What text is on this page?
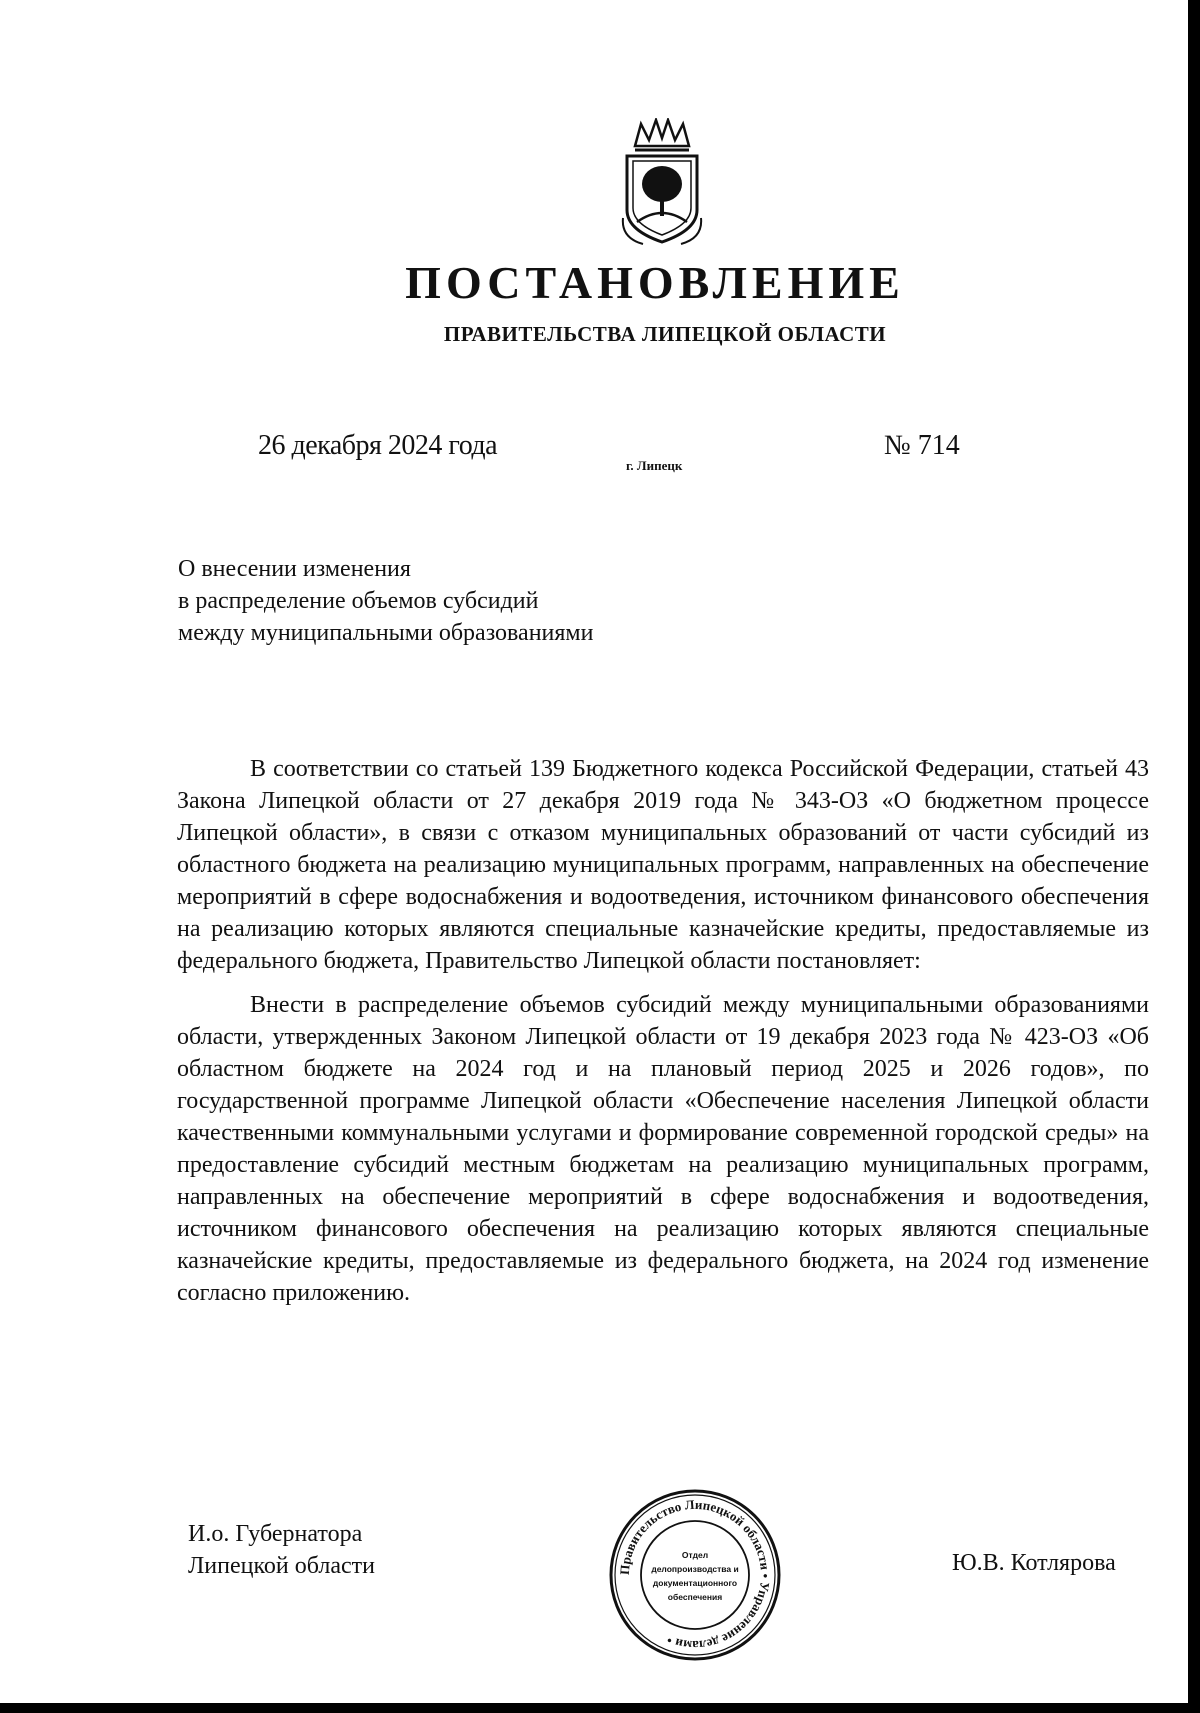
ПОСТАНОВЛЕНИЕ
ПРАВИТЕЛЬСТВА ЛИПЕЦКОЙ ОБЛАСТИ
26 декабря 2024 года
г. Липецк
№ 714
О внесении изменения
в распределение объемов субсидий
между муниципальными образованиями

В соответствии со статьей 139 Бюджетного кодекса Российской Федерации, статьей 43 Закона Липецкой области от 27 декабря 2019 года № 343-ОЗ «О бюджетном процессе Липецкой области», в связи с отказом муниципальных образований от части субсидий из областного бюджета на реализацию муниципальных программ, направленных на обеспечение мероприятий в сфере водоснабжения и водоотведения, источником финансового обеспечения на реализацию которых являются специальные казначейские кредиты, предоставляемые из федерального бюджета, Правительство Липецкой области постановляет:

Внести в распределение объемов субсидий между муниципальными образованиями области, утвержденных Законом Липецкой области от 19 декабря 2023 года № 423-ОЗ «Об областном бюджете на 2024 год и на плановый период 2025 и 2026 годов», по государственной программе Липецкой области «Обеспечение населения Липецкой области качественными коммунальными услугами и формирование современной городской среды» на предоставление субсидий местным бюджетам на реализацию муниципальных программ, направленных на обеспечение мероприятий в сфере водоснабжения и водоотведения, источником финансового обеспечения на реализацию которых являются специальные казначейские кредиты, предоставляемые из федерального бюджета, на 2024 год изменение согласно приложению.

И.о. Губернатора
Липецкой области	Правительство Липецкой области • Управление делами •
Отдел
делопроизводства и
документационного
обеспечения
Ю.В. Котлярова
